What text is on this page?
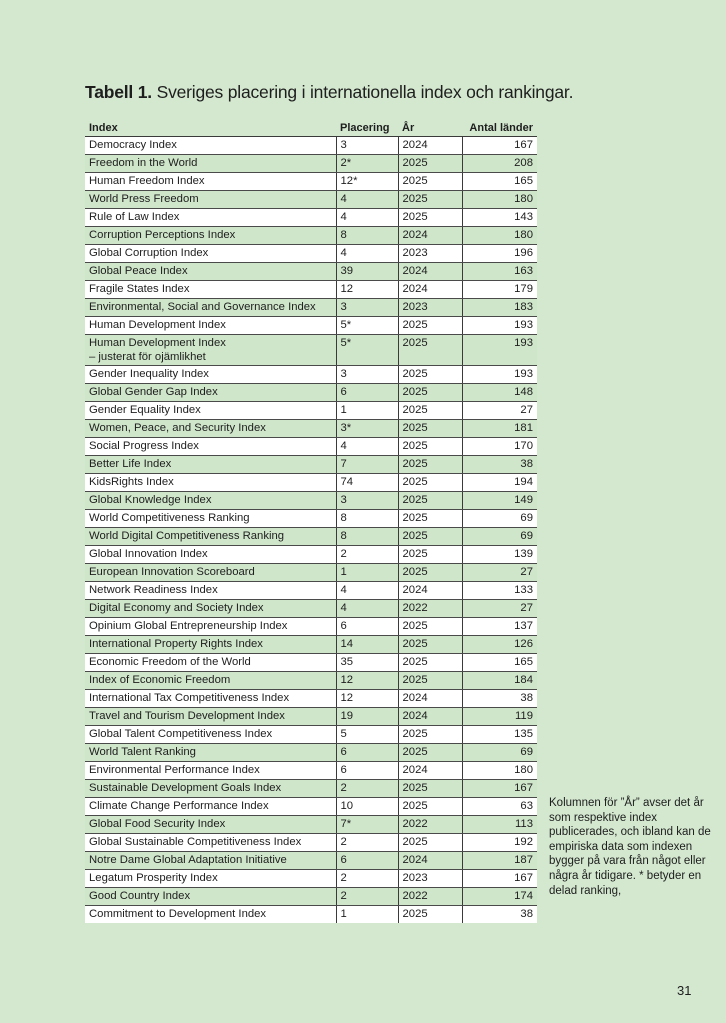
Tabell 1. Sveriges placering i internationella index och rankingar.
Index	Placering	År	Antal länder
Democracy Index	3	2024	167
Freedom in the World	2*	2025	208
Human Freedom Index	12*	2025	165
World Press Freedom	4	2025	180
Rule of Law Index	4	2025	143
Corruption Perceptions Index	8	2024	180
Global Corruption Index	4	2023	196
Global Peace Index	39	2024	163
Fragile States Index	12	2024	179
Environmental, Social and Governance Index	3	2023	183
Human Development Index	5*	2025	193
Human Development Index
– justerat för ojämlikhet	5*	2025	193
Gender Inequality Index	3	2025	193
Global Gender Gap Index	6	2025	148
Gender Equality Index	1	2025	27
Women, Peace, and Security Index	3*	2025	181
Social Progress Index	4	2025	170
Better Life Index	7	2025	38
KidsRights Index	74	2025	194
Global Knowledge Index	3	2025	149
World Competitiveness Ranking	8	2025	69
World Digital Competitiveness Ranking	8	2025	69
Global Innovation Index	2	2025	139
European Innovation Scoreboard	1	2025	27
Network Readiness Index	4	2024	133
Digital Economy and Society Index	4	2022	27
Opinium Global Entrepreneurship Index	6	2025	137
International Property Rights Index	14	2025	126
Economic Freedom of the World	35	2025	165
Index of Economic Freedom	12	2025	184
International Tax Competitiveness Index	12	2024	38
Travel and Tourism Development Index	19	2024	119
Global Talent Competitiveness Index	5	2025	135
World Talent Ranking	6	2025	69
Environmental Performance Index	6	2024	180
Sustainable Development Goals Index	2	2025	167
Climate Change Performance Index	10	2025	63
Global Food Security Index	7*	2022	113
Global Sustainable Competitiveness Index	2	2025	192
Notre Dame Global Adaptation Initiative	6	2024	187
Legatum Prosperity Index	2	2023	167
Good Country Index	2	2022	174
Commitment to Development Index	1	2025	38
Kolumnen för ”År” avser det år som respektive index publicerades, och ibland kan de empiriska data som indexen bygger på vara från något eller några år tidigare. * betyder en delad ranking,
31
